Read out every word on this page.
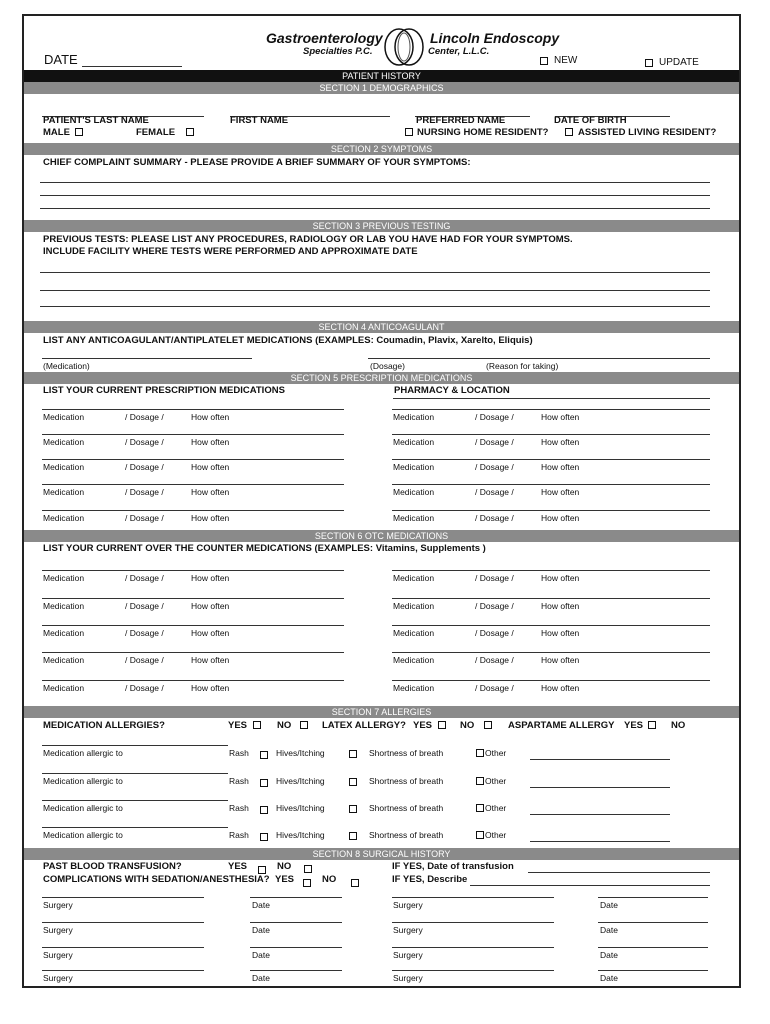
DATE
Gastroenterology
Specialties P.C.
Lincoln Endoscopy
Center, L.L.C.
NEW	UPDATE
PATIENT HISTORY
SECTION 1 DEMOGRAPHICS
PATIENT'S LAST NAME	FIRST NAME	PREFERRED NAME	DATE OF BIRTH
MALE	FEMALE	NURSING HOME RESIDENT?	ASSISTED LIVING RESIDENT?
SECTION 2 SYMPTOMS
CHIEF COMPLAINT SUMMARY - PLEASE PROVIDE A BRIEF SUMMARY OF YOUR SYMPTOMS:
SECTION 3 PREVIOUS TESTING
PREVIOUS TESTS: PLEASE LIST ANY PROCEDURES, RADIOLOGY OR LAB YOU HAVE HAD FOR YOUR SYMPTOMS.
INCLUDE FACILITY WHERE TESTS WERE PERFORMED AND APPROXIMATE DATE
SECTION 4 ANTICOAGULANT
LIST ANY ANTICOAGULANT/ANTIPLATELET MEDICATIONS (EXAMPLES: Coumadin, Plavix, Xarelto, Eliquis)
(Medication)	(Dosage)	(Reason for taking)
SECTION 5 PRESCRIPTION MEDICATIONS
LIST YOUR CURRENT PRESCRIPTION MEDICATIONS	PHARMACY & LOCATION
Medication	/ Dosage /	How often	Medication	/ Dosage /	How often
Medication	/ Dosage /	How often	Medication	/ Dosage /	How often
Medication	/ Dosage /	How often	Medication	/ Dosage /	How often
Medication	/ Dosage /	How often	Medication	/ Dosage /	How often
Medication	/ Dosage /	How often	Medication	/ Dosage /	How often
SECTION 6 OTC MEDICATIONS
LIST YOUR CURRENT OVER THE COUNTER MEDICATIONS (EXAMPLES: Vitamins, Supplements )
Medication	/ Dosage /	How often	Medication	/ Dosage /	How often
Medication	/ Dosage /	How often	Medication	/ Dosage /	How often
Medication	/ Dosage /	How often	Medication	/ Dosage /	How often
Medication	/ Dosage /	How often	Medication	/ Dosage /	How often
Medication	/ Dosage /	How often	Medication	/ Dosage /	How often
SECTION 7 ALLERGIES
MEDICATION ALLERGIES?	YES	NO	LATEX ALLERGY? YES	NO	ASPARTAME ALLERGY YES	NO
Medication allergic to	Rash	Hives/Itching	Shortness of breath	Other
Medication allergic to	Rash	Hives/Itching	Shortness of breath	Other
Medication allergic to	Rash	Hives/Itching	Shortness of breath	Other
Medication allergic to	Rash	Hives/Itching	Shortness of breath	Other
SECTION 8 SURGICAL HISTORY
PAST BLOOD TRANSFUSION?	YES	NO	IF YES, Date of transfusion
COMPLICATIONS WITH SEDATION/ANESTHESIA? YES	NO	IF YES, Describe
Surgery	Date	Surgery	Date
Surgery	Date	Surgery	Date
Surgery	Date	Surgery	Date
Surgery	Date	Surgery	Date
